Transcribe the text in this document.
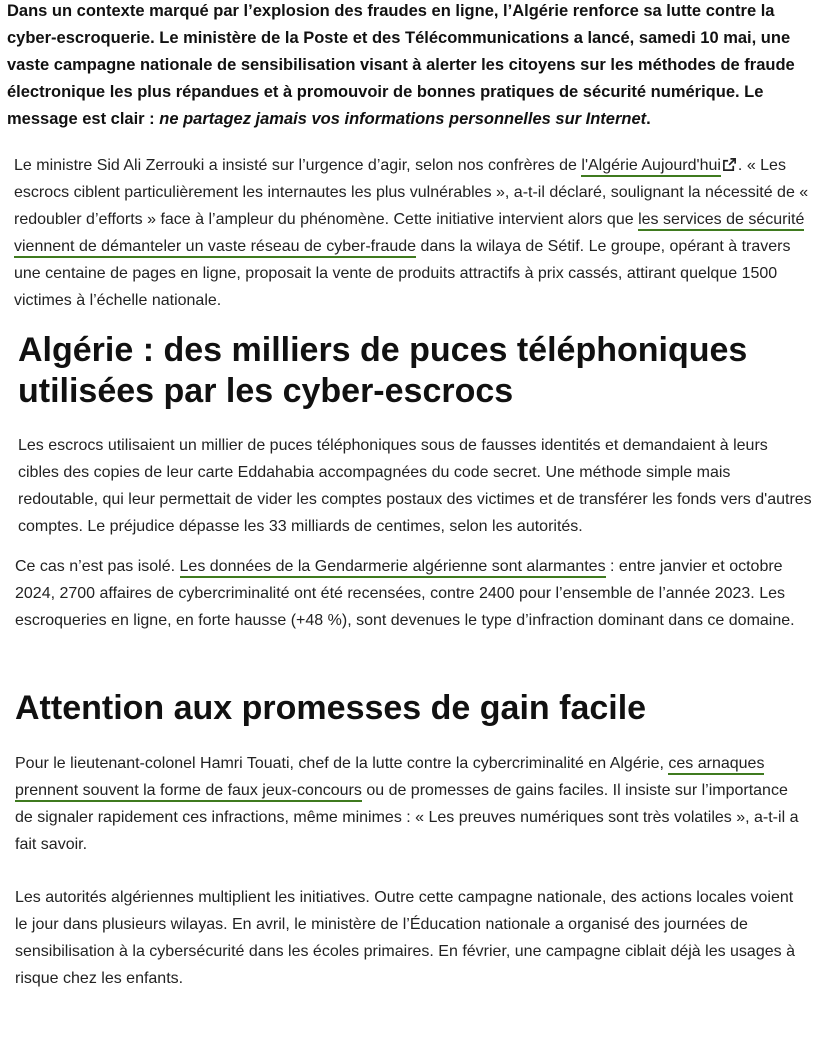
Dans un contexte marqué par l’explosion des fraudes en ligne, l’Algérie renforce sa lutte contre la cyber-escroquerie. Le ministère de la Poste et des Télécommunications a lancé, samedi 10 mai, une vaste campagne nationale de sensibilisation visant à alerter les citoyens sur les méthodes de fraude électronique les plus répandues et à promouvoir de bonnes pratiques de sécurité numérique. Le message est clair : ne partagez jamais vos informations personnelles sur Internet.
Le ministre Sid Ali Zerrouki a insisté sur l’urgence d’agir, selon nos confrères de l'Algérie Aujourd'hui . « Les escrocs ciblent particulièrement les internautes les plus vulnérables », a-t-il déclaré, soulignant la nécessité de « redoubler d’efforts » face à l’ampleur du phénomène. Cette initiative intervient alors que les services de sécurité viennent de démanteler un vaste réseau de cyber-fraude dans la wilaya de Sétif. Le groupe, opérant à travers une centaine de pages en ligne, proposait la vente de produits attractifs à prix cassés, attirant quelque 1500 victimes à l’échelle nationale.
Algérie : des milliers de puces téléphoniques utilisées par les cyber-escrocs
Les escrocs utilisaient un millier de puces téléphoniques sous de fausses identités et demandaient à leurs cibles des copies de leur carte Eddahabia accompagnées du code secret. Une méthode simple mais redoutable, qui leur permettait de vider les comptes postaux des victimes et de transférer les fonds vers d'autres comptes. Le préjudice dépasse les 33 milliards de centimes, selon les autorités.
Ce cas n’est pas isolé. Les données de la Gendarmerie algérienne sont alarmantes : entre janvier et octobre 2024, 2700 affaires de cybercriminalité ont été recensées, contre 2400 pour l’ensemble de l’année 2023. Les escroqueries en ligne, en forte hausse (+48 %), sont devenues le type d’infraction dominant dans ce domaine.
Attention aux promesses de gain facile
Pour le lieutenant-colonel Hamri Touati, chef de la lutte contre la cybercriminalité en Algérie, ces arnaques prennent souvent la forme de faux jeux-concours ou de promesses de gains faciles. Il insiste sur l’importance de signaler rapidement ces infractions, même minimes : « Les preuves numériques sont très volatiles », a-t-il a fait savoir.
Les autorités algériennes multiplient les initiatives. Outre cette campagne nationale, des actions locales voient le jour dans plusieurs wilayas. En avril, le ministère de l’Éducation nationale a organisé des journées de sensibilisation à la cybersécurité dans les écoles primaires. En février, une campagne ciblait déjà les usages à risque chez les enfants.
